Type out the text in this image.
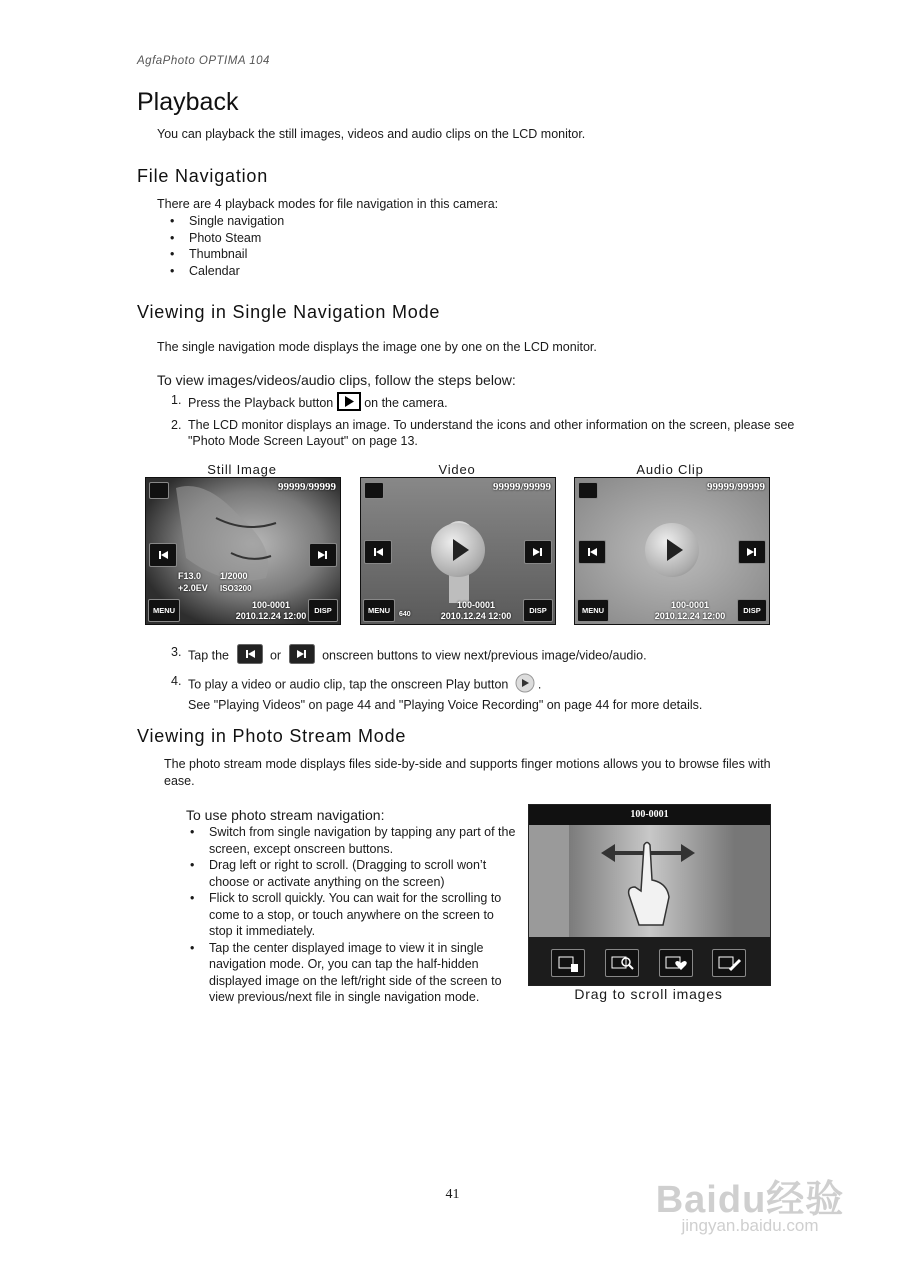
AgfaPhoto OPTIMA 104
Playback
You can playback the still images, videos and audio clips on the LCD monitor.
File Navigation
There are 4 playback modes for file navigation in this camera:
• Single navigation
• Photo Steam
• Thumbnail
• Calendar
Viewing in Single Navigation Mode
The single navigation mode displays the image one by one on the LCD monitor.
To view images/videos/audio clips, follow the steps below:
1. Press the Playback button on the camera.
2. The LCD monitor displays an image. To understand the icons and other information on the screen, please see "Photo Mode Screen Layout" on page 13.
Still Image	Video	Audio Clip
99999/99999
F13.0 1/2000
+2.0EV ISO3200
MENU	DISP
100-0001
2010.12.24 12:00
99999/99999
MENU	640	DISP
100-0001
2010.12.24 12:00
99999/99999
MENU	DISP
100-0001
2010.12.24 12:00
3. Tap the	or	onscreen buttons to view next/previous image/video/audio.
4. To play a video or audio clip, tap the onscreen Play button .
See "Playing Videos" on page 44 and "Playing Voice Recording" on page 44 for more details.
Viewing in Photo Stream Mode
The photo stream mode displays files side-by-side and supports finger motions allows you to browse files with ease.
To use photo stream navigation:
• Switch from single navigation by tapping any part of the screen, except onscreen buttons.
• Drag left or right to scroll. (Dragging to scroll won’t choose or activate anything on the screen)
• Flick to scroll quickly. You can wait for the scrolling to come to a stop, or touch anywhere on the screen to stop it immediately.
• Tap the center displayed image to view it in single navigation mode. Or, you can tap the half-hidden displayed image on the left/right side of the screen to view previous/next file in single navigation mode.
100-0001
Drag to scroll images
41	Baidu经验
jingyan.baidu.com
